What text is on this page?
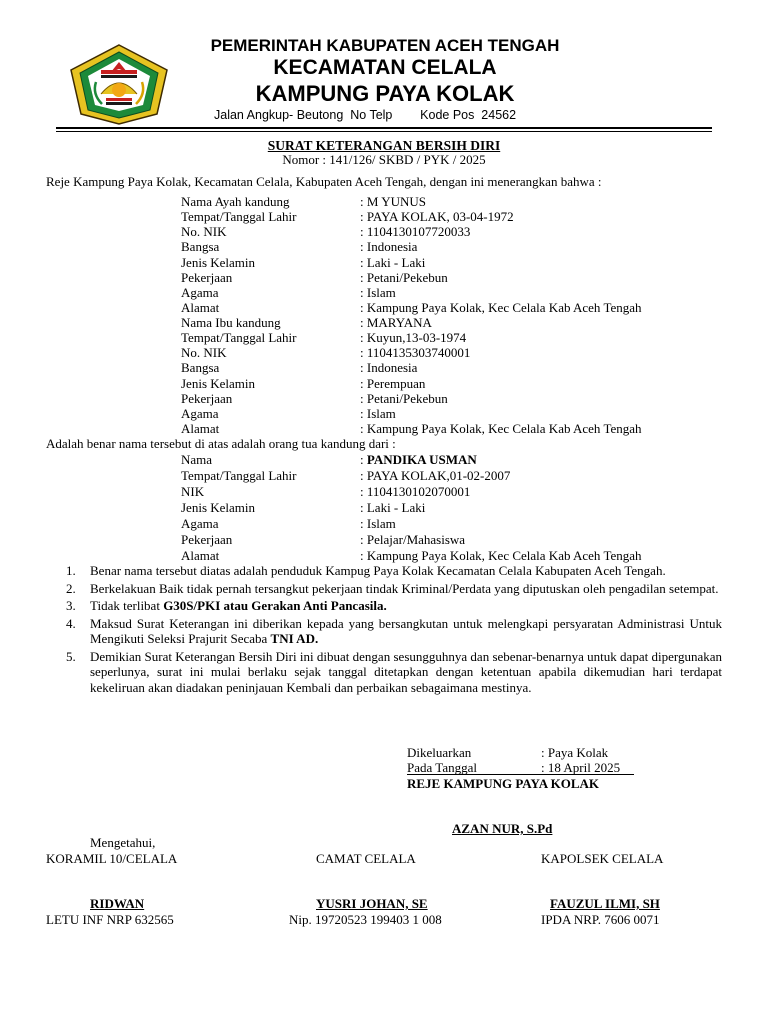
PEMERINTAH KABUPATEN ACEH TENGAH
KECAMATAN CELALA
KAMPUNG PAYA KOLAK
Jalan Angkup- Beutong  No Telp        Kode Pos  24562
SURAT KETERANGAN BERSIH DIRI
Nomor : 141/126/ SKBD / PYK / 2025
Reje Kampung Paya Kolak, Kecamatan Celala, Kabupaten Aceh Tengah, dengan ini menerangkan bahwa :
Nama Ayah kandung	: M YUNUS
Tempat/Tanggal Lahir	: PAYA KOLAK, 03-04-1972
No. NIK	: 1104130107720033
Bangsa	: Indonesia
Jenis Kelamin	: Laki - Laki
Pekerjaan	: Petani/Pekebun
Agama	: Islam
Alamat	: Kampung Paya Kolak, Kec Celala Kab Aceh Tengah
Nama Ibu kandung	: MARYANA
Tempat/Tanggal Lahir	: Kuyun,13-03-1974
No. NIK	: 1104135303740001
Bangsa	: Indonesia
Jenis Kelamin	: Perempuan
Pekerjaan	: Petani/Pekebun
Agama	: Islam
Alamat	: Kampung Paya Kolak, Kec Celala Kab Aceh Tengah
Adalah benar nama tersebut di atas adalah orang tua kandung dari :
Nama	: PANDIKA USMAN
Tempat/Tanggal Lahir	: PAYA KOLAK,01-02-2007
NIK	: 1104130102070001
Jenis Kelamin	: Laki - Laki
Agama	: Islam
Pekerjaan	: Pelajar/Mahasiswa
Alamat	: Kampung Paya Kolak, Kec Celala Kab Aceh Tengah
1. Benar nama tersebut diatas adalah penduduk Kampug Paya Kolak Kecamatan Celala Kabupaten Aceh Tengah.
2. Berkelakuan Baik tidak pernah tersangkut pekerjaan tindak Kriminal/Perdata yang diputuskan oleh pengadilan setempat.
3. Tidak terlibat G30S/PKI atau Gerakan Anti Pancasila.
4. Maksud Surat Keterangan ini diberikan kepada yang bersangkutan untuk melengkapi persyaratan Administrasi Untuk Mengikuti Seleksi Prajurit Secaba TNI AD.
5. Demikian Surat Keterangan Bersih Diri ini dibuat dengan sesungguhnya dan sebenar-benarnya untuk dapat dipergunakan seperlunya, surat ini mulai berlaku sejak tanggal ditetapkan dengan ketentuan apabila dikemudian hari terdapat kekeliruan akan diadakan peninjauan Kembali dan perbaikan sebagaimana mestinya.
Dikeluarkan	: Paya Kolak
Pada Tanggal	: 18 April 2025
REJE KAMPUNG PAYA KOLAK
AZAN NUR, S.Pd
Mengetahui,
KORAMIL 10/CELALA	CAMAT CELALA	KAPOLSEK CELALA
RIDWAN	YUSRI JOHAN, SE	FAUZUL ILMI, SH
LETU INF NRP 632565	Nip. 19720523 199403 1 008	IPDA NRP. 7606 0071
